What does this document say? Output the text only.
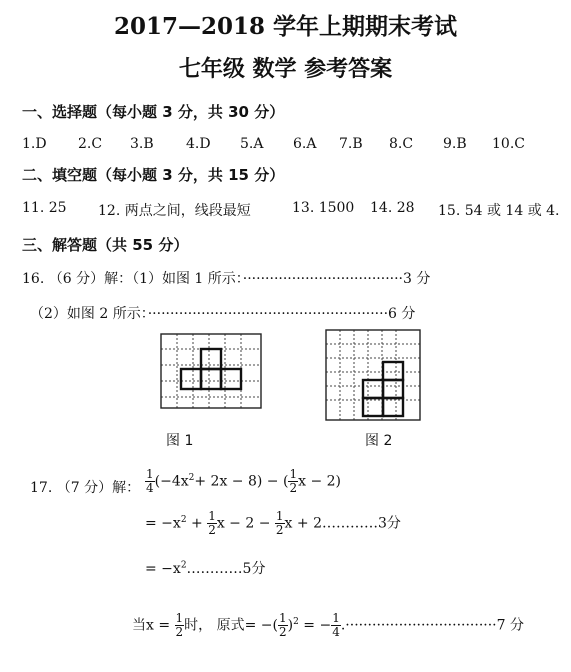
2017—2018 学年上期期末考试
七年级 数学 参考答案
一、选择题（每小题 3 分，共 30 分）
1.D 2.C 3.B 4.D 5.A 6.A 7.B 8.C 9.B 10.C
二、填空题（每小题 3 分，共 15 分）
11. 25 12. 两点之间，线段最短	13. 1500 14. 28 15. 54 或 14 或 4.
三、解答题（共 55 分）
16. （6 分）解：（1）如图 1 所示：····································3 分
（2）如图 2 所示：······················································6 分
图 1	图 2
17. （7 分）解： $\frac{1}{4} (-4x^2+ 2x - 8)$ − ( $\frac{1}{2}$ x − 2)
= $-x^2 + \frac{1}{2}$ $x - 2 - \frac{1}{2}$ x + 2…………3分
= $-x^2\dots\dots\dots\dots 5$分
当$x = \frac{1}{2}$ 时， 原式= −( $\frac{1}{2} )^2$ = − $\frac{1}{4} .\cdot\cdot\cdot\cdot\cdot\cdot\cdot\cdot\cdot\cdot\cdot\cdot\cdot\cdot\cdot\cdot\cdot\cdot\cdot\cdot\cdot\cdot\cdot\cdot\cdot\cdot\cdot\cdot\cdot\cdot\cdot\cdot\cdot\cdot 7$ 分
